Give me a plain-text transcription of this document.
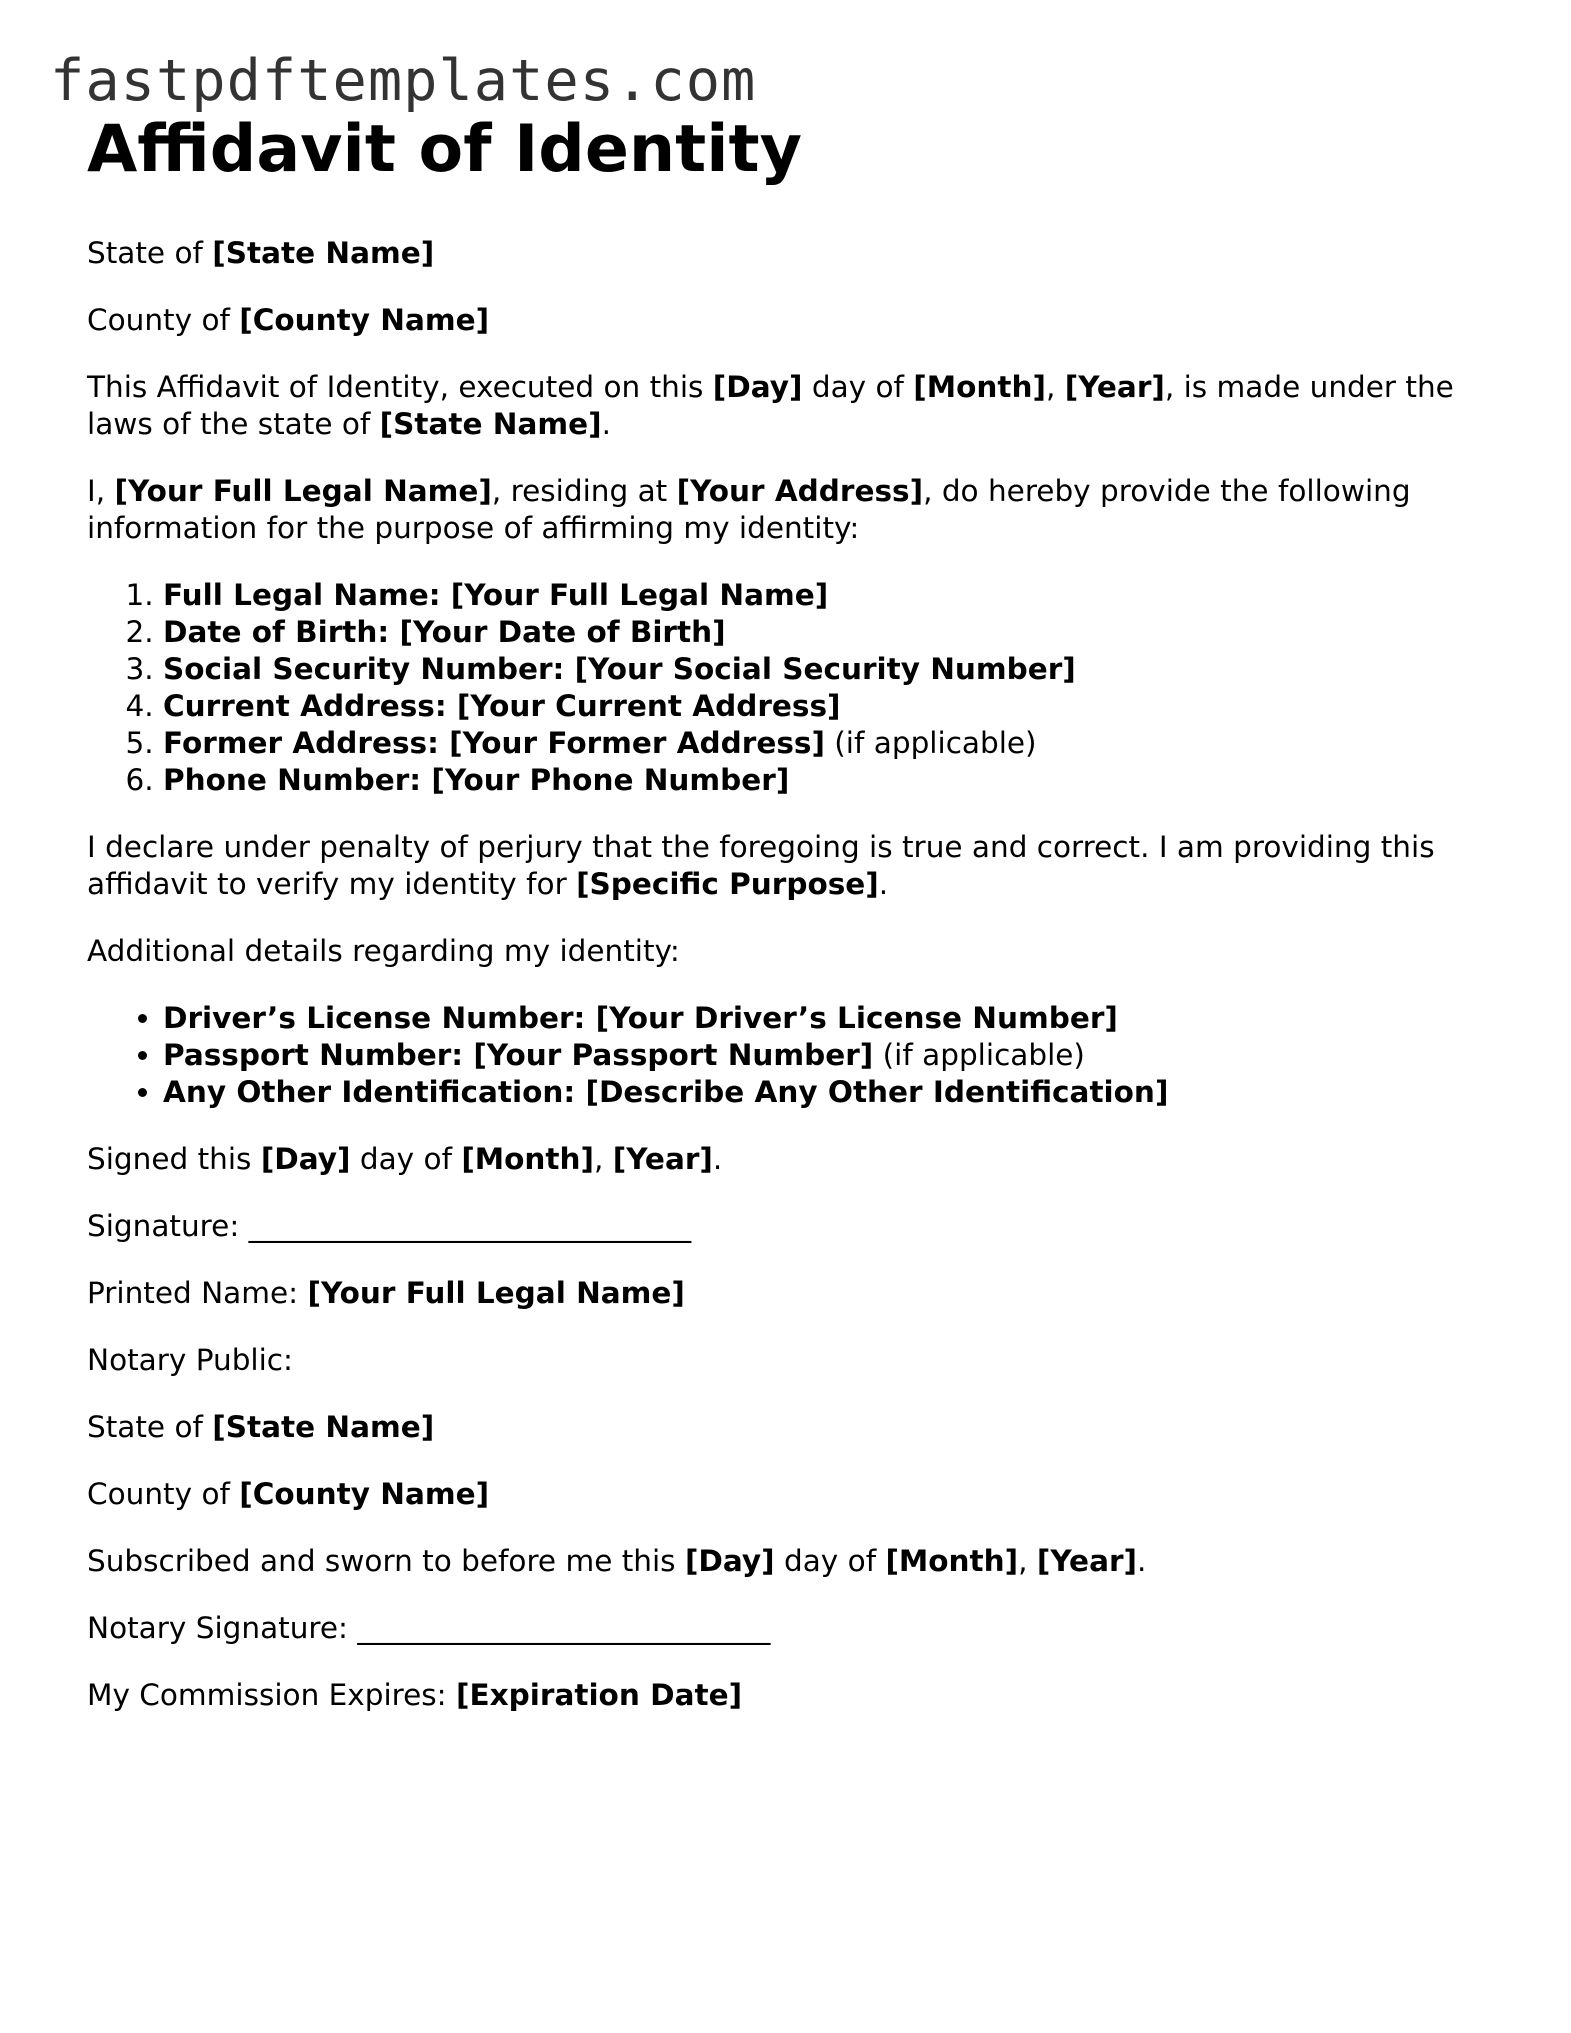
fastpdftemplates.com
Affidavit of Identity

State of [State Name]

County of [County Name]

This Affidavit of Identity, executed on this [Day] day of [Month], [Year], is made under the laws of the state of [State Name].

I, [Your Full Legal Name], residing at [Your Address], do hereby provide the following information for the purpose of affirming my identity:

1. Full Legal Name: [Your Full Legal Name]
2. Date of Birth: [Your Date of Birth]
3. Social Security Number: [Your Social Security Number]
4. Current Address: [Your Current Address]
5. Former Address: [Your Former Address] (if applicable)
6. Phone Number: [Your Phone Number]

I declare under penalty of perjury that the foregoing is true and correct. I am providing this affidavit to verify my identity for [Specific Purpose].

Additional details regarding my identity:

• Driver’s License Number: [Your Driver’s License Number]
• Passport Number: [Your Passport Number] (if applicable)
• Any Other Identification: [Describe Any Other Identification]

Signed this [Day] day of [Month], [Year].

Signature: ______________________________

Printed Name: [Your Full Legal Name]

Notary Public:

State of [State Name]

County of [County Name]

Subscribed and sworn to before me this [Day] day of [Month], [Year].

Notary Signature: ____________________________

My Commission Expires: [Expiration Date]
